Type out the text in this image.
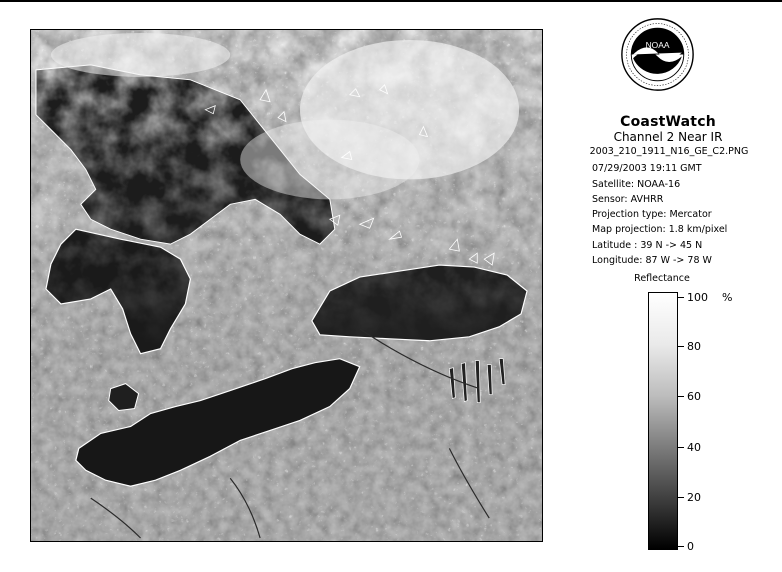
NOAA
CoastWatch
Channel 2 Near IR
2003_210_1911_N16_GE_C2.PNG
07/29/2003 19:11 GMT
Satellite: NOAA-16
Sensor: AVHRR
Projection type: Mercator
Map projection: 1.8 km/pixel
Latitude : 39 N -> 45 N
Longitude: 87 W -> 78 W
Reflectance
%
100
80
60
40
20
0
